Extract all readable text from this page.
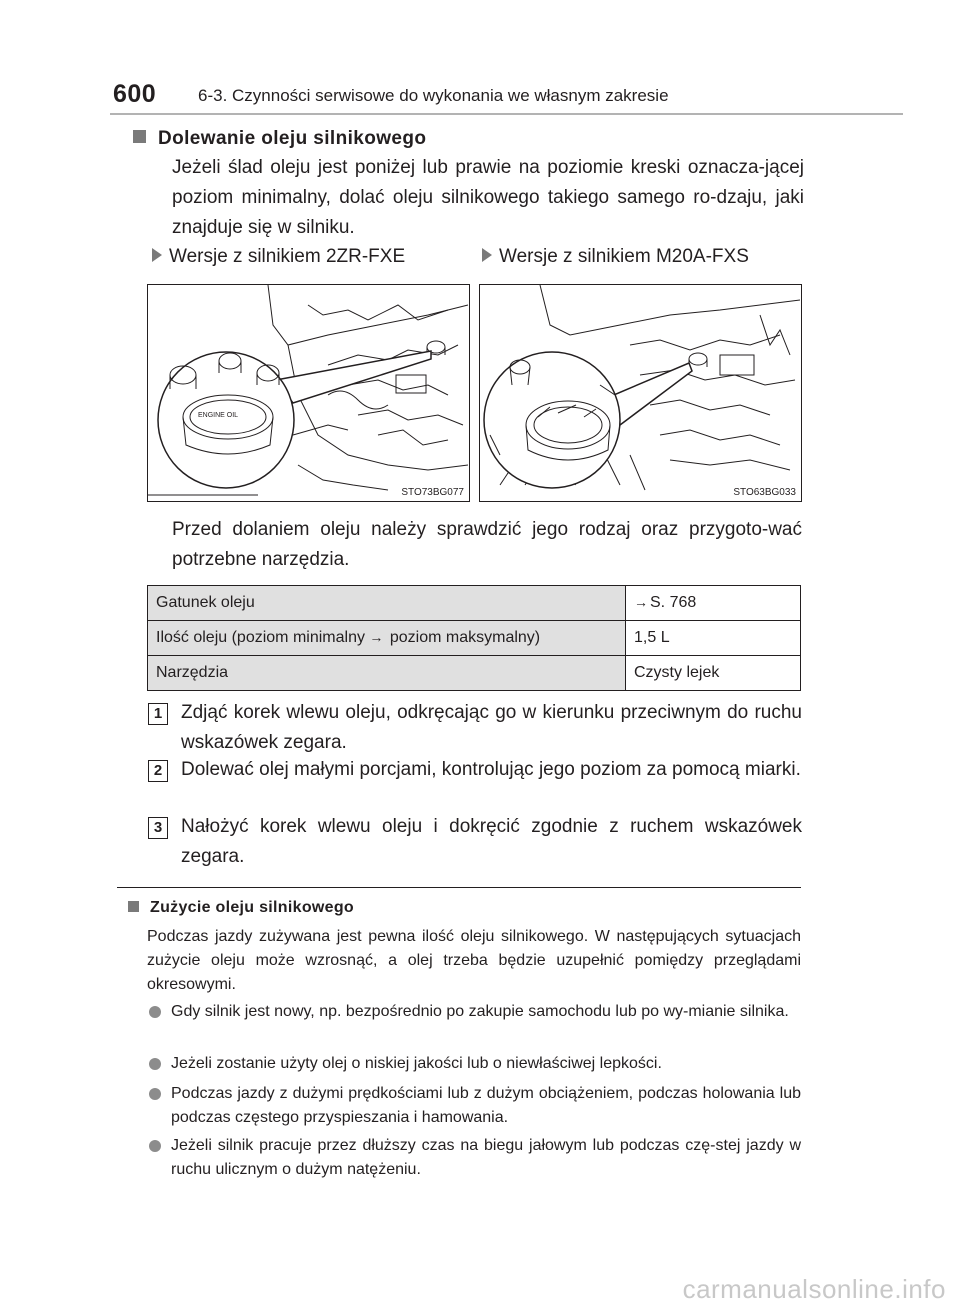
600 6-3. Czynności serwisowe do wykonania we własnym zakresie
Dolewanie oleju silnikowego
Jeżeli ślad oleju jest poniżej lub prawie na poziomie kreski oznacza-jącej poziom minimalny, dolać oleju silnikowego takiego samego ro-dzaju, jaki znajduje się w silniku.
Wersje z silnikiem 2ZR-FXE	Wersje z silnikiem M20A-FXS
ENGINE OIL
STO73BG077	STO63BG033
Przed dolaniem oleju należy sprawdzić jego rodzaj oraz przygoto-wać potrzebne narzędzia.
Gatunek oleju	→ S. 768
Ilość oleju (poziom minimalny → poziom maksymalny)	1,5 L
Narzędzia	Czysty lejek
1 Zdjąć korek wlewu oleju, odkręcając go w kierunku przeciwnym do ruchu wskazówek zegara.
2 Dolewać olej małymi porcjami, kontrolując jego poziom za pomocą miarki.
3 Nałożyć korek wlewu oleju i dokręcić zgodnie z ruchem wskazówek zegara.
Zużycie oleju silnikowego
Podczas jazdy zużywana jest pewna ilość oleju silnikowego. W następujących sytuacjach zużycie oleju może wzrosnąć, a olej trzeba będzie uzupełnić pomiędzy przeglądami okresowymi.
Gdy silnik jest nowy, np. bezpośrednio po zakupie samochodu lub po wy-mianie silnika.
Jeżeli zostanie użyty olej o niskiej jakości lub o niewłaściwej lepkości.
Podczas jazdy z dużymi prędkościami lub z dużym obciążeniem, podczas holowania lub podczas częstego przyspieszania i hamowania.
Jeżeli silnik pracuje przez dłuższy czas na biegu jałowym lub podczas czę-stej jazdy w ruchu ulicznym o dużym natężeniu.
carmanualsonline.info
